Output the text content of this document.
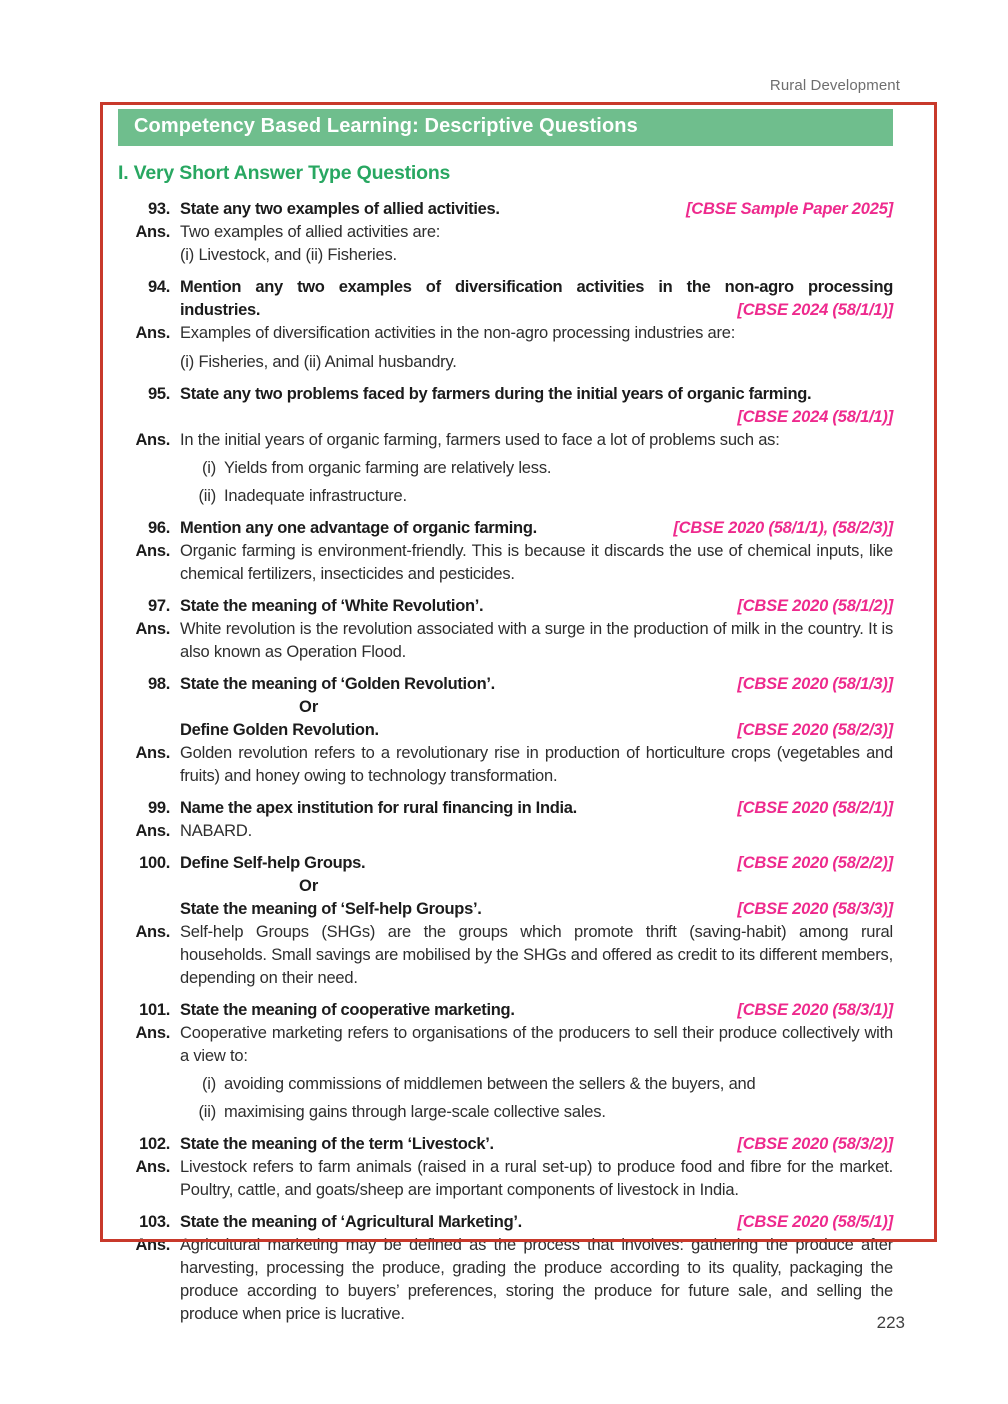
Rural Development
Competency Based Learning: Descriptive Questions
I. Very Short Answer Type Questions
93. State any two examples of allied activities.	[CBSE Sample Paper 2025]
Ans. Two examples of allied activities are:
(i) Livestock, and (ii) Fisheries.
94. Mention any two examples of diversification activities in the non-agro processing
industries.	[CBSE 2024 (58/1/1)]
Ans. Examples of diversification activities in the non-agro processing industries are:
(i) Fisheries, and (ii) Animal husbandry.
95. State any two problems faced by farmers during the initial years of organic farming.
[CBSE 2024 (58/1/1)]
Ans. In the initial years of organic farming, farmers used to face a lot of problems such as:
(i) Yields from organic farming are relatively less.
(ii) Inadequate infrastructure.
96. Mention any one advantage of organic farming.	[CBSE 2020 (58/1/1), (58/2/3)]
Ans. Organic farming is environment-friendly. This is because it discards the use of chemical inputs, like chemical fertilizers, insecticides and pesticides.
97. State the meaning of ‘White Revolution’.	[CBSE 2020 (58/1/2)]
Ans. White revolution is the revolution associated with a surge in the production of milk in the country. It is also known as Operation Flood.
98. State the meaning of ‘Golden Revolution’.	[CBSE 2020 (58/1/3)]
Or
Define Golden Revolution.	[CBSE 2020 (58/2/3)]
Ans. Golden revolution refers to a revolutionary rise in production of horticulture crops (vegetables and fruits) and honey owing to technology transformation.
99. Name the apex institution for rural financing in India.	[CBSE 2020 (58/2/1)]
Ans. NABARD.
100. Define Self-help Groups.	[CBSE 2020 (58/2/2)]
Or
State the meaning of ‘Self-help Groups’.	[CBSE 2020 (58/3/3)]
Ans. Self-help Groups (SHGs) are the groups which promote thrift (saving-habit) among rural households. Small savings are mobilised by the SHGs and offered as credit to its different members, depending on their need.
101. State the meaning of cooperative marketing.	[CBSE 2020 (58/3/1)]
Ans. Cooperative marketing refers to organisations of the producers to sell their produce collectively with a view to:
(i) avoiding commissions of middlemen between the sellers & the buyers, and
(ii) maximising gains through large-scale collective sales.
102. State the meaning of the term ‘Livestock’.	[CBSE 2020 (58/3/2)]
Ans. Livestock refers to farm animals (raised in a rural set-up) to produce food and fibre for the market. Poultry, cattle, and goats/sheep are important components of livestock in India.
103. State the meaning of ‘Agricultural Marketing’.	[CBSE 2020 (58/5/1)]
Ans. Agricultural marketing may be defined as the process that involves: gathering the produce after harvesting, processing the produce, grading the produce according to its quality, packaging the produce according to buyers’ preferences, storing the produce for future sale, and selling the produce when price is lucrative.	223
